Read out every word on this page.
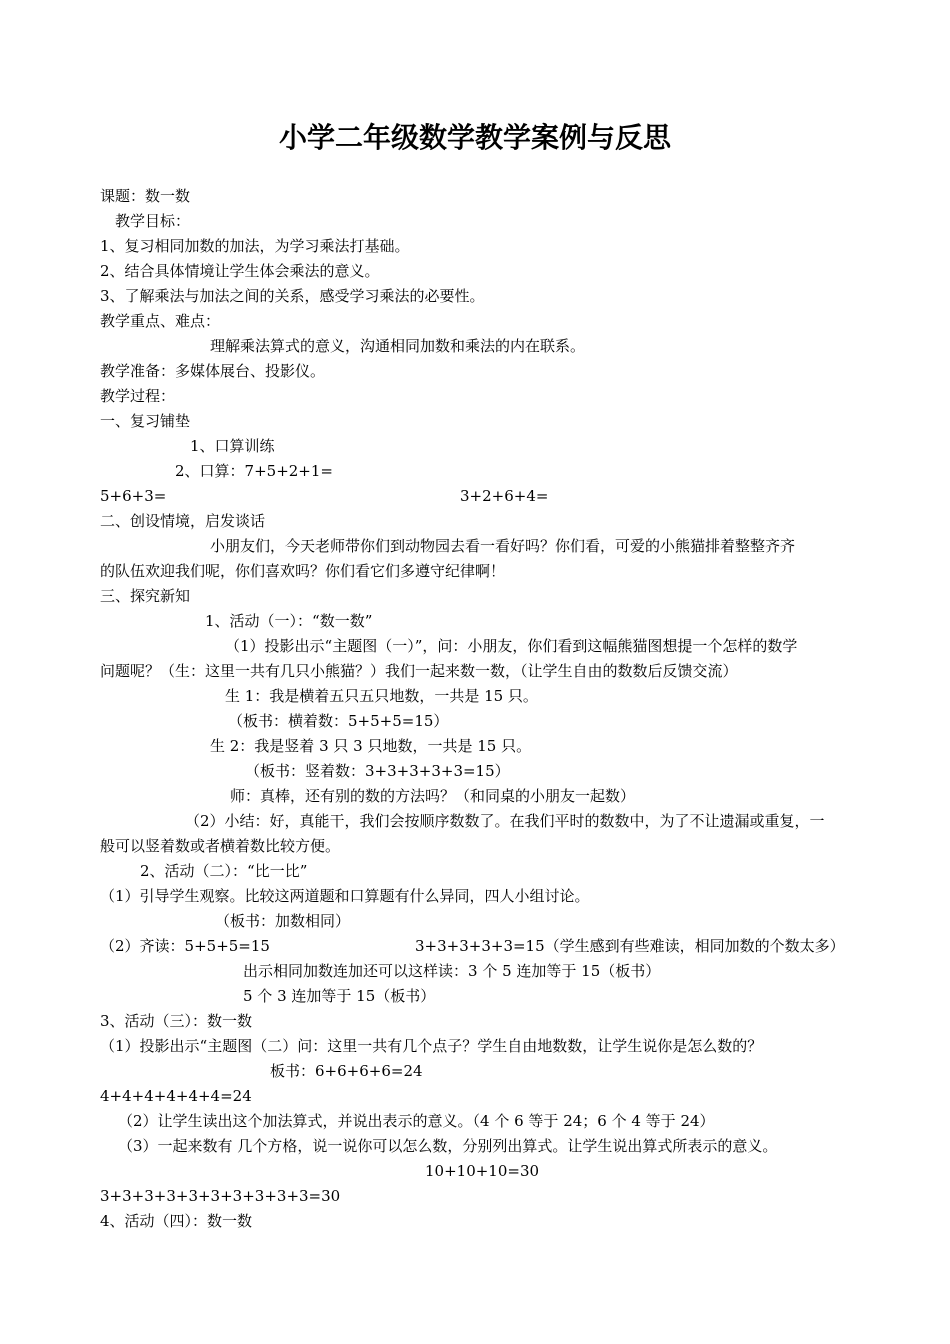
小学二年级数学教学案例与反思
课题：数一数
教学目标：
1、复习相同加数的加法，为学习乘法打基础。
2、结合具体情境让学生体会乘法的意义。
3、了解乘法与加法之间的关系，感受学习乘法的必要性。
教学重点、难点：
理解乘法算式的意义，沟通相同加数和乘法的内在联系。
教学准备：多媒体展台、投影仪。
教学过程：
一、复习铺垫
1、口算训练
2、口算：7+5+2+1=
5+6+3=	3+2+6+4=
二、创设情境，启发谈话
小朋友们，今天老师带你们到动物园去看一看好吗？你们看，可爱的小熊猫排着整整齐齐
的队伍欢迎我们呢，你们喜欢吗？你们看它们多遵守纪律啊！
三、探究新知
1、活动（一）：“数一数”
（1）投影出示“主题图（一）”，问：小朋友，你们看到这幅熊猫图想提一个怎样的数学
问题呢？（生：这里一共有几只小熊猫？）我们一起来数一数，（让学生自由的数数后反馈交流）
生 1：我是横着五只五只地数，一共是 15 只。
（板书：横着数：5+5+5=15）
生 2：我是竖着 3 只 3 只地数，一共是 15 只。
（板书：竖着数：3+3+3+3+3=15）
师：真棒，还有别的数的方法吗？（和同桌的小朋友一起数）
（2）小结：好，真能干，我们会按顺序数数了。在我们平时的数数中，为了不让遗漏或重复，一
般可以竖着数或者横着数比较方便。
2、活动（二）：“比一比”
（1）引导学生观察。比较这两道题和口算题有什么异同，四人小组讨论。
（板书：加数相同）
（2）齐读：5+5+5=15	3+3+3+3+3=15（学生感到有些难读，相同加数的个数太多）
出示相同加数连加还可以这样读：3 个 5 连加等于 15（板书）
5 个 3 连加等于 15（板书）
3、活动（三）：数一数
（1）投影出示“主题图（二）问：这里一共有几个点子？学生自由地数数，让学生说你是怎么数的？
板书：6+6+6+6=24
4+4+4+4+4+4=24
（2）让学生读出这个加法算式，并说出表示的意义。（4 个 6 等于 24；6 个 4 等于 24）
（3）一起来数有 几个方格，说一说你可以怎么数，分别列出算式。让学生说出算式所表示的意义。
10+10+10=30
3+3+3+3+3+3+3+3+3+3=30
4、活动（四）：数一数
